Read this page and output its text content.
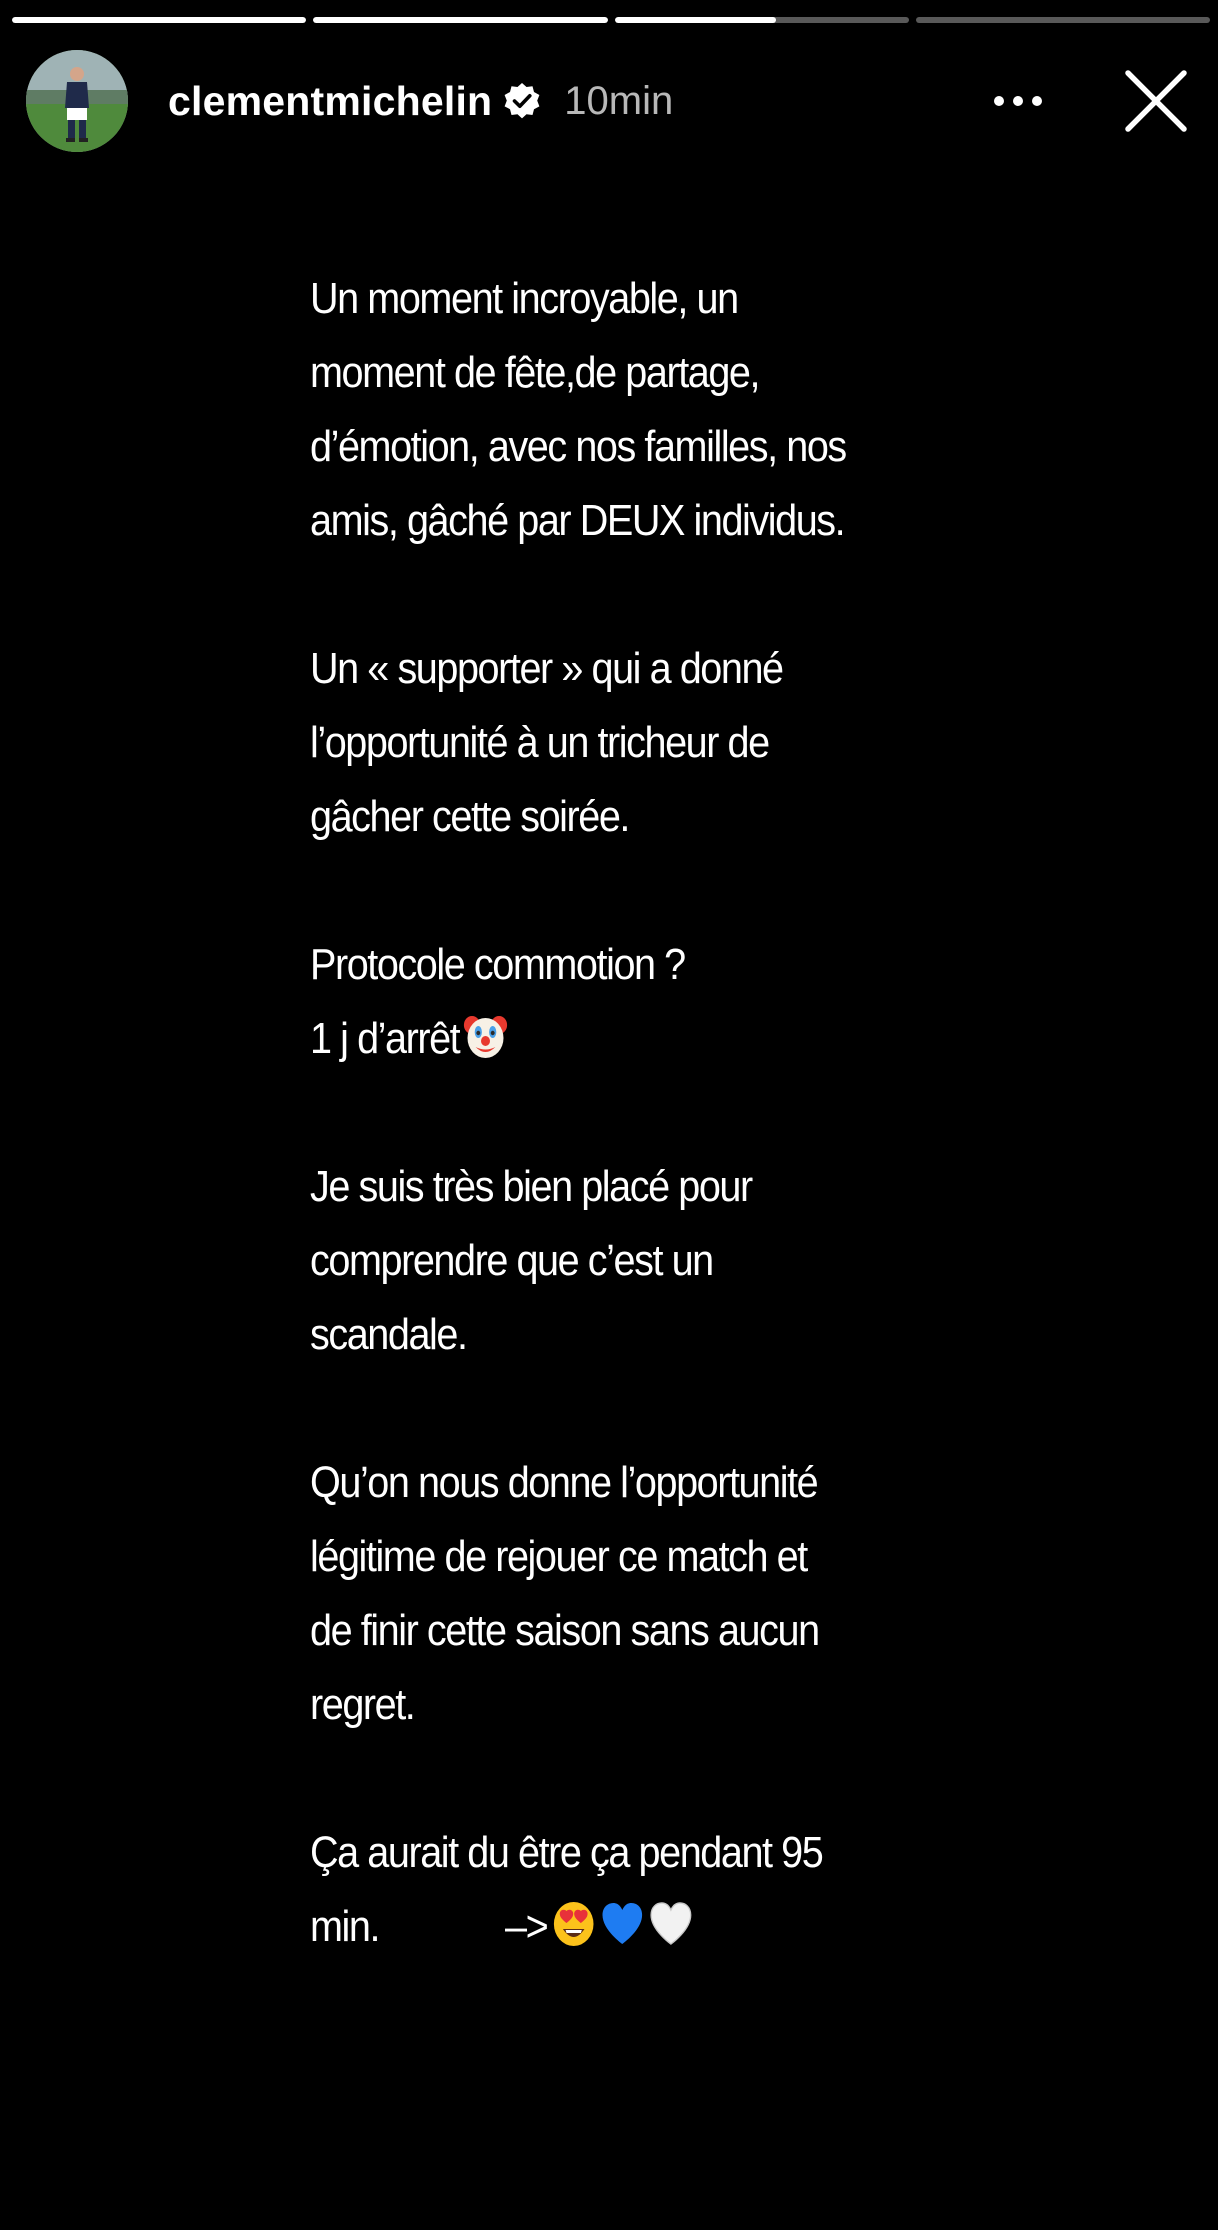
clementmichelin 10min

Un moment incroyable, un
moment de fête,de partage,
d’émotion, avec nos familles, nos
amis, gâché par DEUX individus.

Un « supporter » qui a donné
l’opportunité à un tricheur de
gâcher cette soirée.

Protocole commotion ?
1 j d’arrêt

Je suis très bien placé pour
comprendre que c’est un
scandale.

Qu’on nous donne l’opportunité
légitime de rejouer ce match et
de finir cette saison sans aucun
regret.

Ça aurait du être ça pendant 95
min.	–>
